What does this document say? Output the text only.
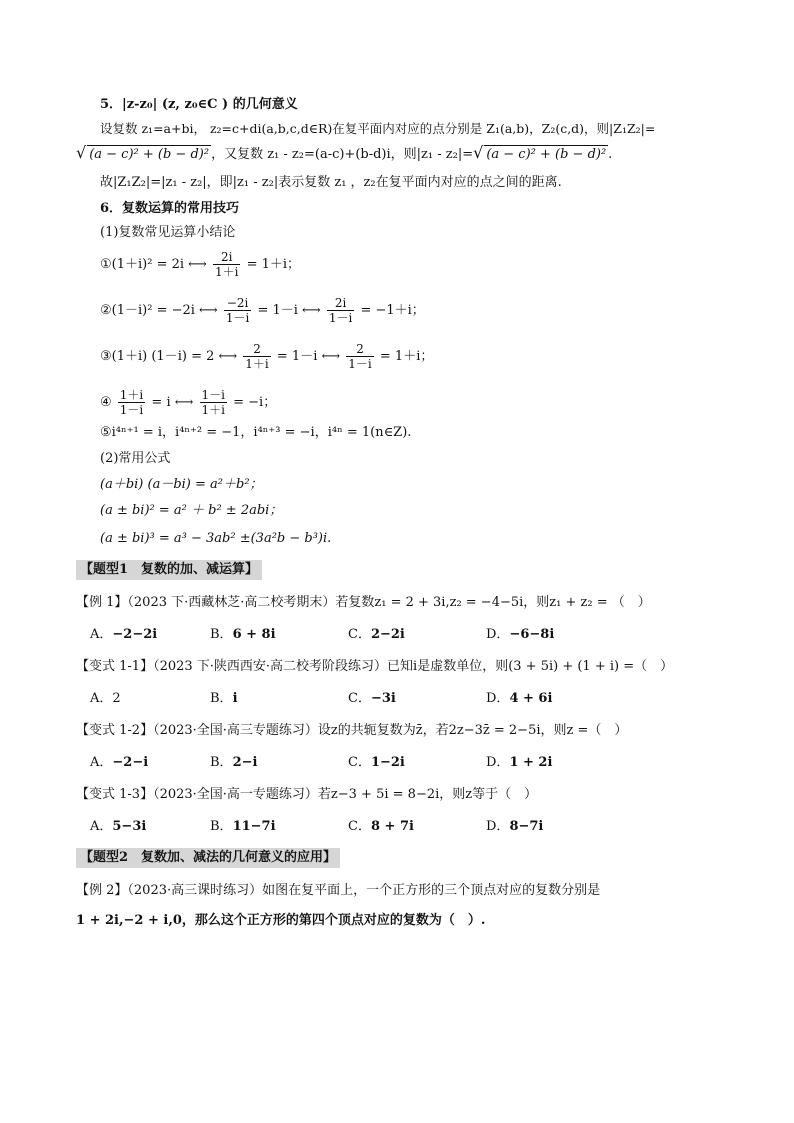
5．|z-z₀| (z, z₀∈C ) 的几何意义
设复数 z₁=a+bi， z₂=c+di(a,b,c,d∈R)在复平面内对应的点分别是 Z₁(a,b)，Z₂(c,d)，则|Z₁Z₂|=
√ (a − c)² + (b − d)² ，又复数 z₁ - z₂=(a-c)+(b-d)i，则|z₁ - z₂|=√ (a − c)² + (b − d)² .
故|Z₁Z₂|=|z₁ - z₂|，即|z₁ - z₂|表示复数 z₁ ，z₂在复平面内对应的点之间的距离.
6．复数运算的常用技巧
(1)复数常见运算小结论
①(1＋i)² = 2i ⟷ $\frac{2i}{1+i} = 1+i$；
②(1－i)² = −2i ⟷ $\frac{-2i}{1-i} = 1-i$ ⟷ $\frac{2i}{1-i} = -1+i$；
③(1＋i) (1－i) = 2 ⟷ $\frac{2}{1+i} = 1-i$ ⟷ $\frac{2}{1-i} = 1+i$；
④ $\frac{1+i}{1-i} = i$ ⟷ $\frac{1-i}{1+i} = -i$；
⑤i⁴ⁿ⁺¹ = i，i⁴ⁿ⁺² = −1，i⁴ⁿ⁺³ = −i，i⁴ⁿ = 1(n∈Z).
(2)常用公式
(a＋bi) (a－bi) = a²＋b²；
(a ± bi)² = a² ＋ b² ± 2abi；
(a ± bi)³ = a³ − 3ab² ±(3a²b − b³)i.
【题型1　复数的加、减运算】
【例 1】（2023 下·西藏林芝·高二校考期末）若复数z₁ = 2 + 3i,z₂ = −4−5i，则z₁ + z₂ = （　）
A．−2−2i	B．6 + 8i	C．2−2i	D．−6−8i
【变式 1-1】（2023 下·陕西西安·高二校考阶段练习）已知i是虚数单位，则(3 + 5i) + (1 + i) =（　）
A．2	B．i	C．−3i	D．4 + 6i
【变式 1-2】（2023·全国·高三专题练习）设z的共轭复数为z̄，若2z−3z̄ = 2−5i，则z =（　）
A．−2−i	B．2−i	C．1−2i	D．1 + 2i
【变式 1-3】（2023·全国·高一专题练习）若z−3 + 5i = 8−2i，则z等于（　）
A．5−3i	B．11−7i	C．8 + 7i	D．8−7i
【题型2　复数加、减法的几何意义的应用】
【例 2】（2023·高三课时练习）如图在复平面上，一个正方形的三个顶点对应的复数分别是
1 + 2i,−2 + i,0，那么这个正方形的第四个顶点对应的复数为（　）.
